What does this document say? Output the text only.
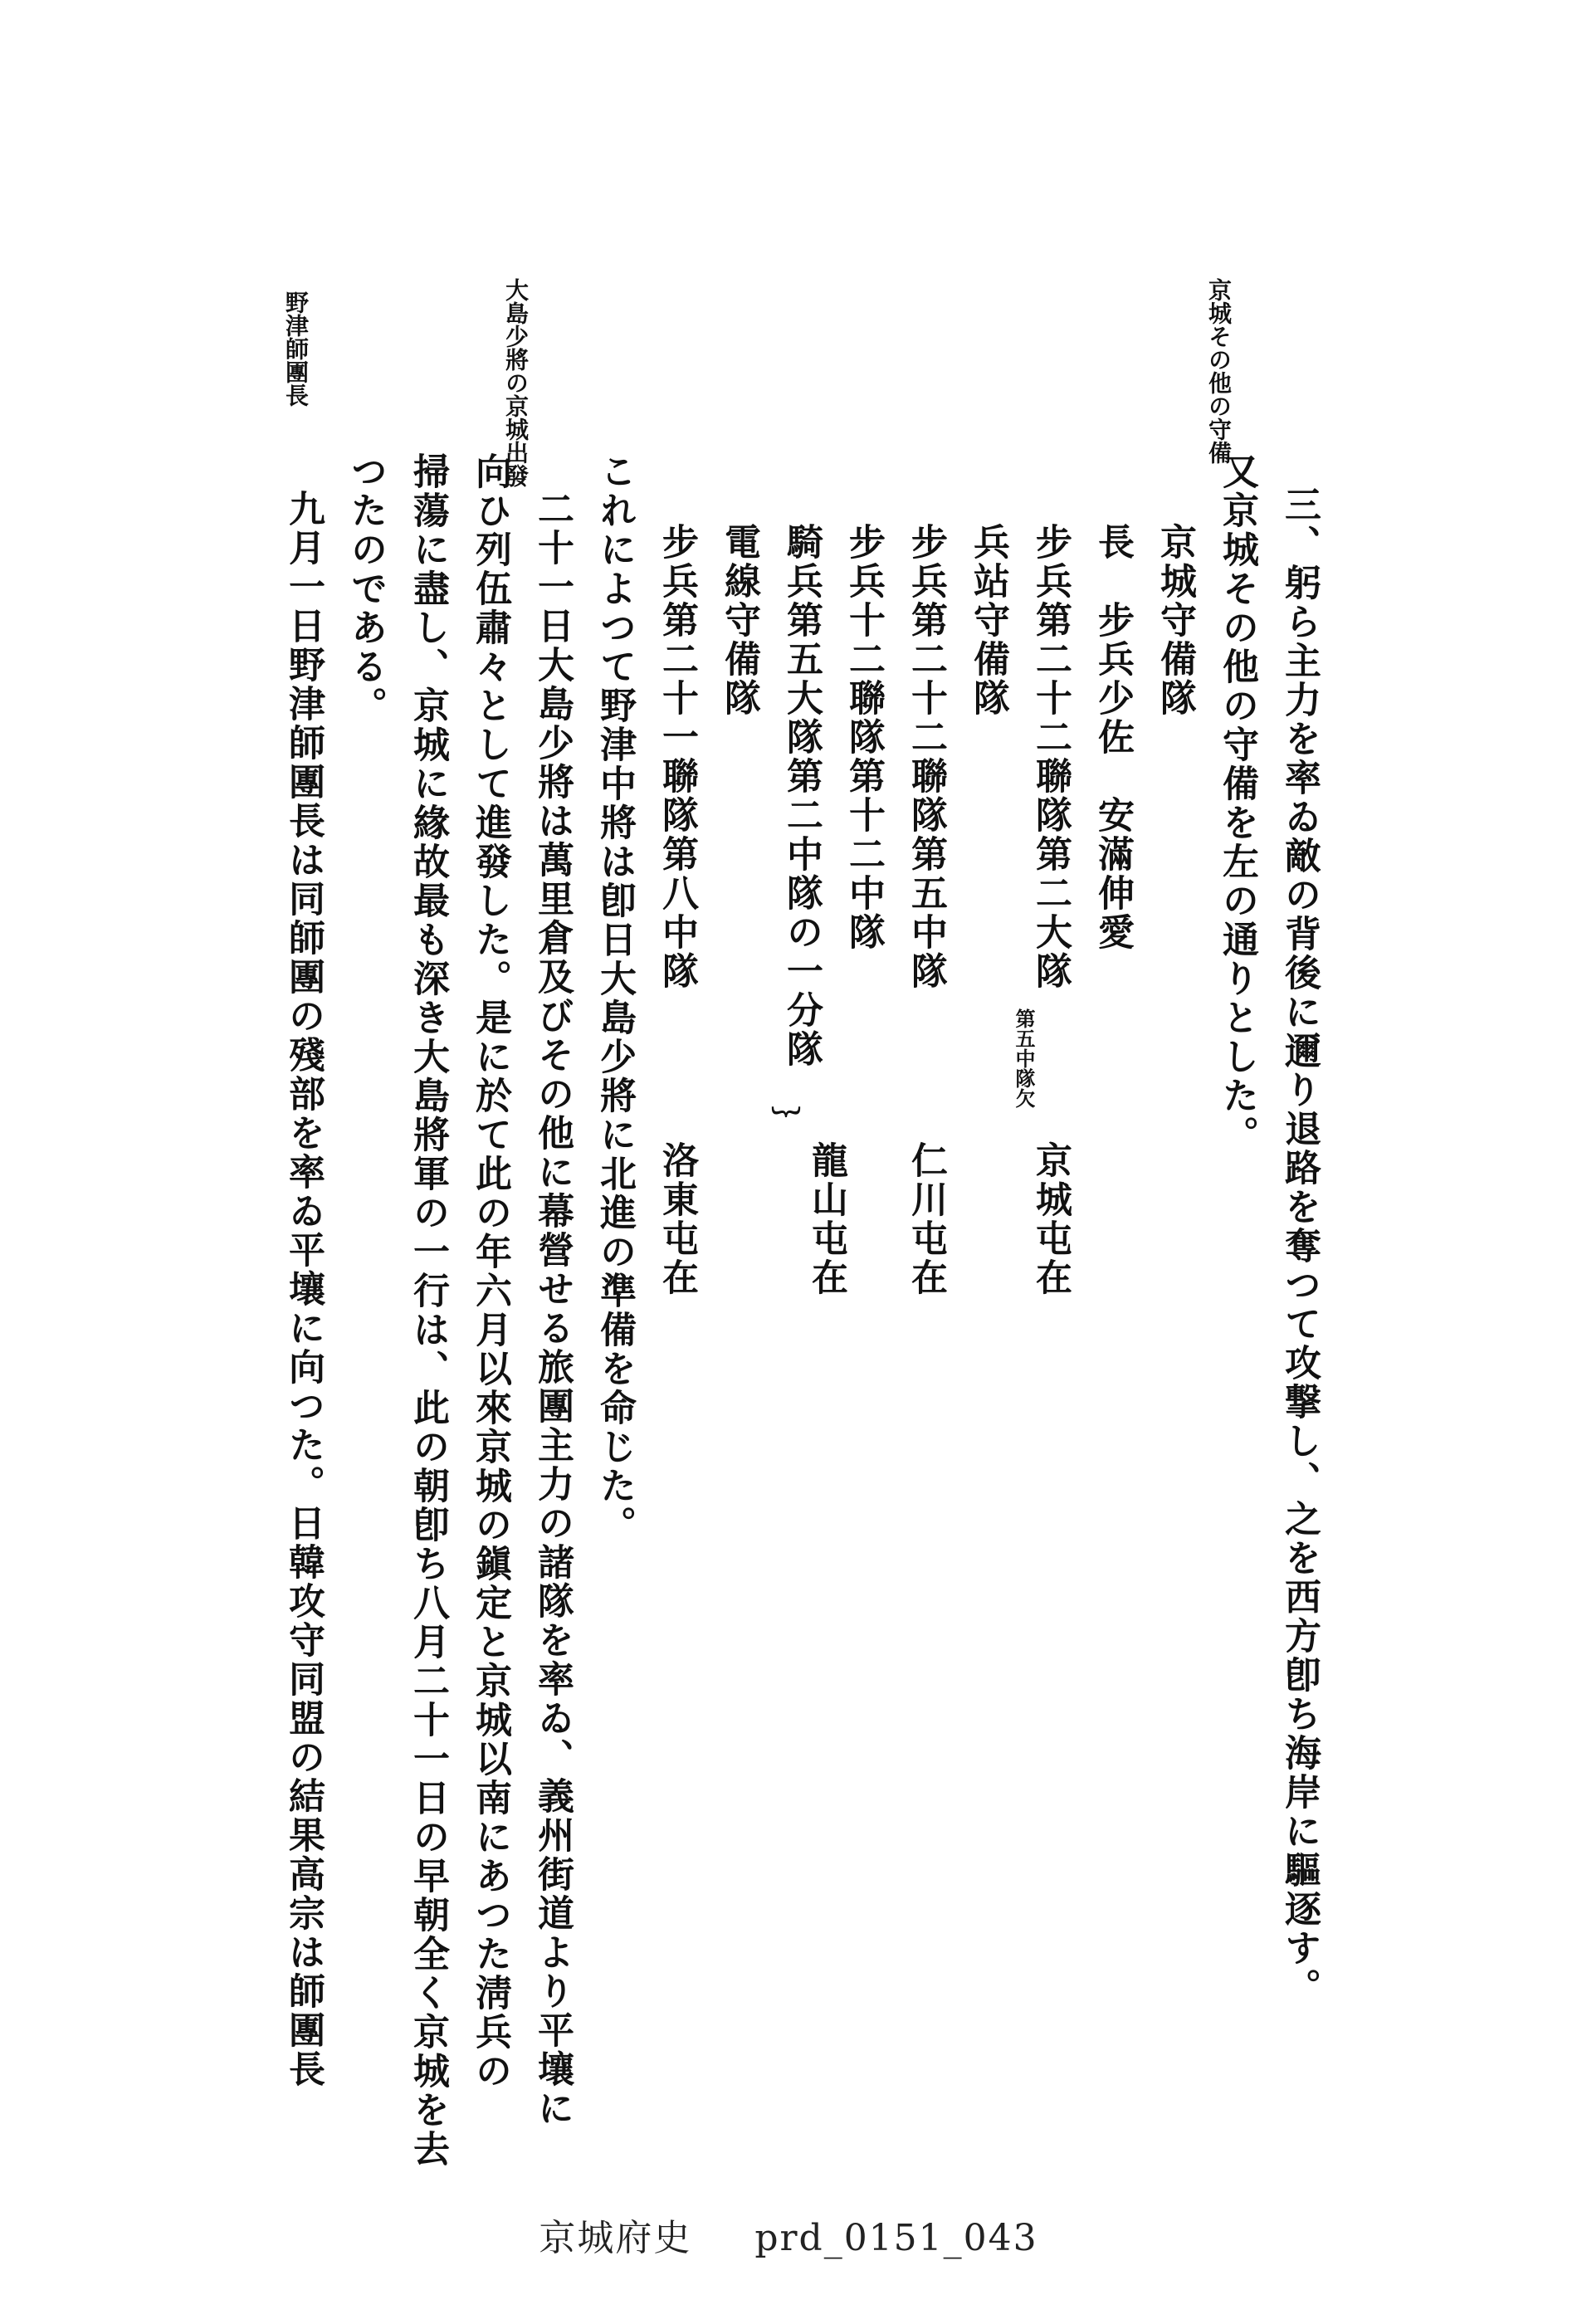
京城その他の守備
大島少將の京城出發
野津師團長
三、躬ら主力を率ゐ敵の背後に邇り退路を奪つて攻撃し、之を西方卽ち海岸に驅逐す。
又京城その他の守備を左の通りとした。
京城守備隊
長　步兵少佐　安滿伸愛
步兵第二十二聯隊第二大隊
第五中隊欠
京城屯在
兵站守備隊
步兵第二十二聯隊第五中隊
仁川屯在
步兵十二聯隊第十二中隊
騎兵第五大隊第二中隊の一分隊
︸
龍山屯在
電線守備隊
步兵第二十一聯隊第八中隊
洛東屯在
これによつて野津中將は卽日大島少將に北進の準備を命じた。
二十一日大島少將は萬里倉及びその他に幕營せる旅團主力の諸隊を率ゐ、義州街道より平壤に
向ひ列伍肅々として進發した。是に於て此の年六月以來京城の鎭定と京城以南にあつた淸兵の
掃蕩に盡し、京城に緣故最も深き大島將軍の一行は、此の朝卽ち八月二十一日の早朝全く京城を去
つたのである。
九月一日野津師團長は同師團の殘部を率ゐ平壤に向つた。日韓攻守同盟の結果高宗は師團長
京城府史 prd_0151_043
